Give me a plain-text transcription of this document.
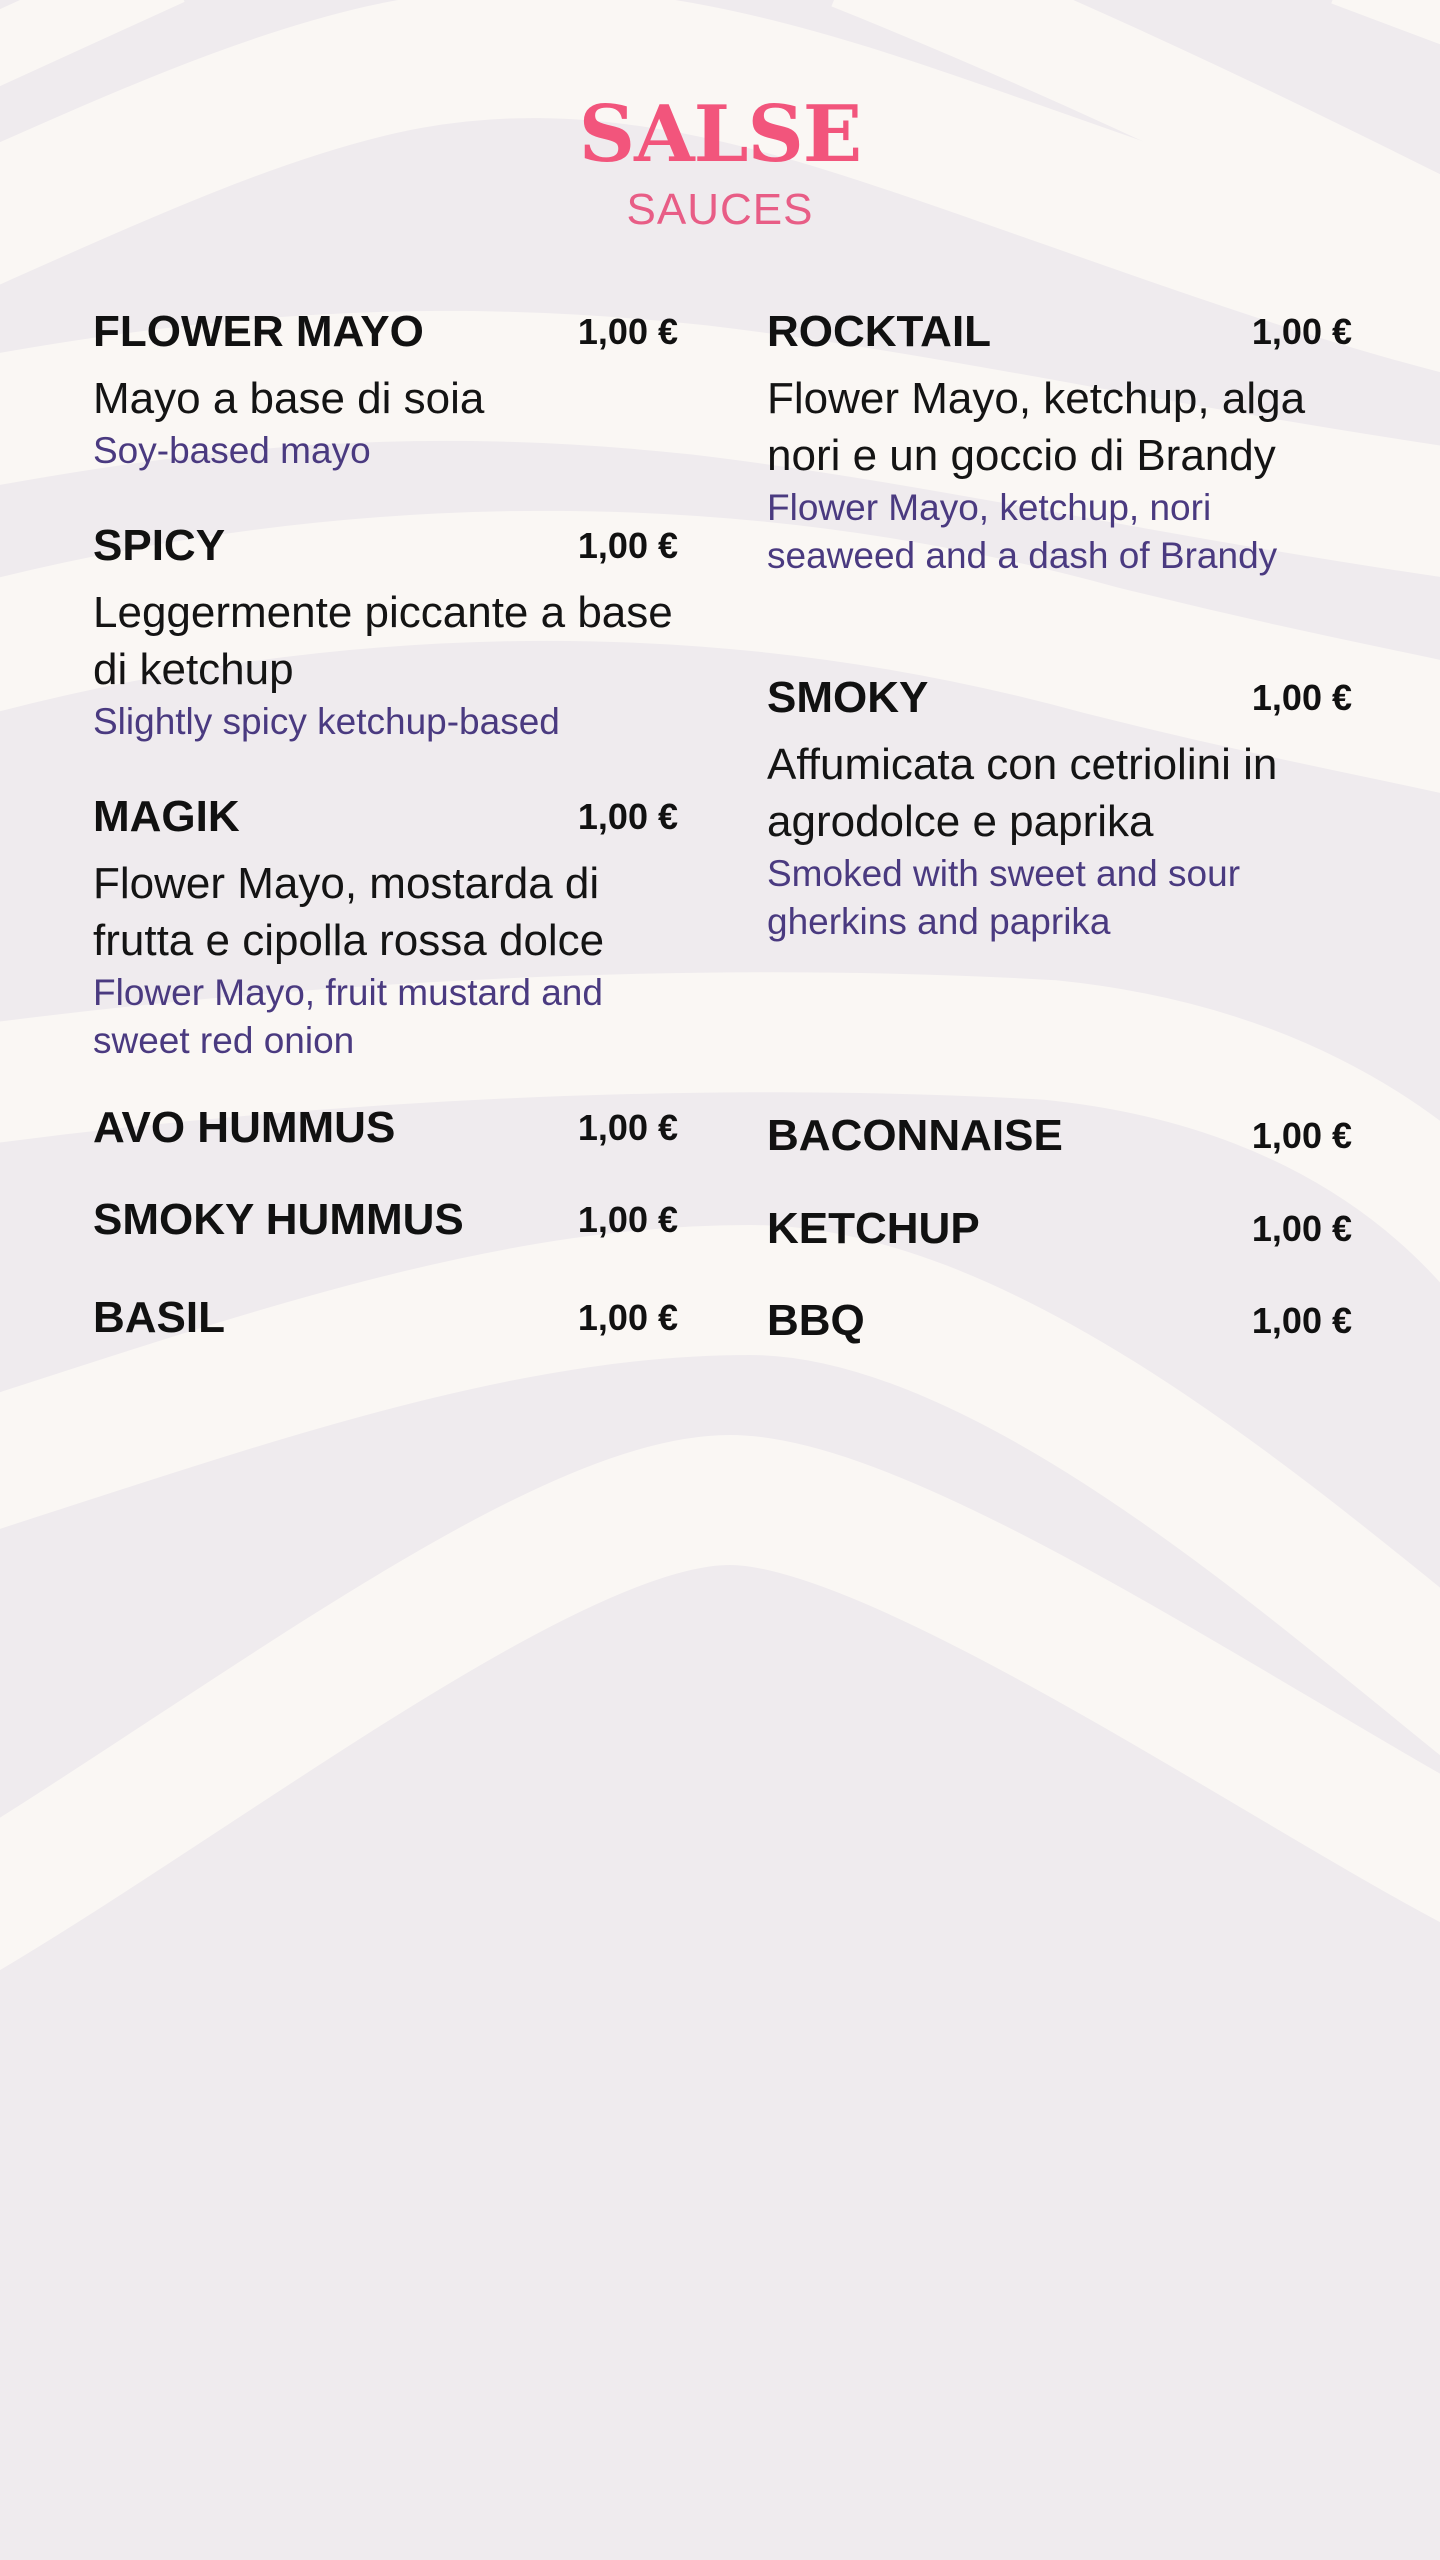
SALSE
SAUCES
FLOWER MAYO	1,00 €
Mayo a base di soia
Soy-based mayo
SPICY	1,00 €
Leggermente piccante a base di ketchup
Slightly spicy ketchup-based
MAGIK	1,00 €
Flower Mayo, mostarda di frutta e cipolla rossa dolce
Flower Mayo, fruit mustard and sweet red onion
AVO HUMMUS	1,00 €
SMOKY HUMMUS	1,00 €
BASIL	1,00 €
ROCKTAIL	1,00 €
Flower Mayo, ketchup, alga nori e un goccio di Brandy
Flower Mayo, ketchup, nori seaweed and a dash of Brandy
SMOKY	1,00 €
Affumicata con cetriolini in agrodolce e paprika
Smoked with sweet and sour gherkins and paprika
BACONNAISE	1,00 €
KETCHUP	1,00 €
BBQ	1,00 €
